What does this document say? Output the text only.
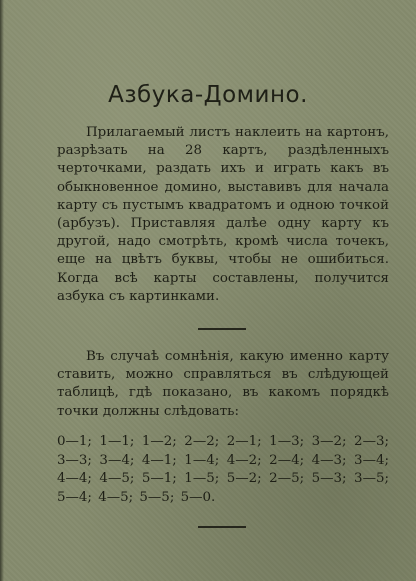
Азбука-Домино.

Прилагаемый листъ наклеить на картонъ, разрѣзать на 28 картъ, раздѣленныхъ черточками, раздать ихъ и играть какъ въ обыкновенное домино, выставивъ для начала карту съ пустымъ квадратомъ и одною точкой (арбузъ). Приставляя далѣе одну карту къ другой, надо смотрѣть, кромѣ числа точекъ, еще на цвѣтъ буквы, чтобы не ошибиться. Когда всѣ карты составлены, получится азбука съ картинками.

Въ случаѣ сомнѣнія, какую именно карту ставить, можно справляться въ слѣдующей таблицѣ, гдѣ показано, въ какомъ порядкѣ точки должны слѣдовать:

0—1; 1—1; 1—2; 2—2; 2—1; 1—3; 3—2; 2—3; 3—3; 3—4; 4—1; 1—4; 4—2; 2—4; 4—3; 3—4; 4—4; 4—5; 5—1; 1—5; 5—2; 2—5; 5—3; 3—5; 5—4; 4—5; 5—5; 5—0.
